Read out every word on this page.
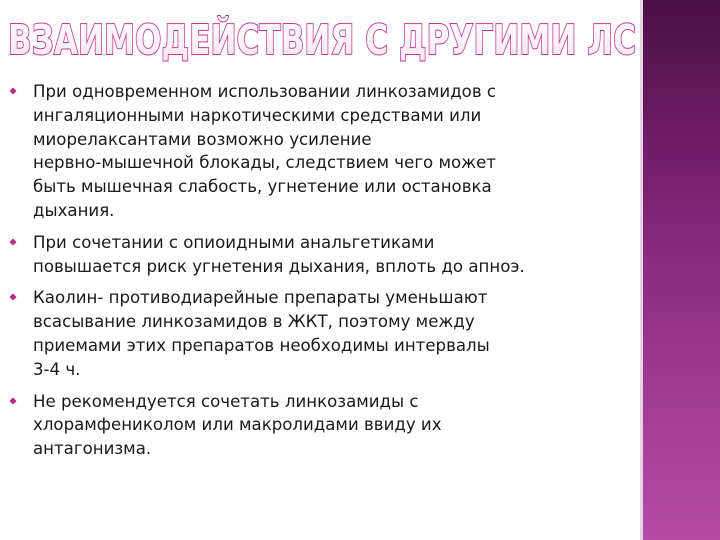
ВЗАИМОДЕЙСТВИЯ С ДРУГИМИ ЛС
При одновременном использовании линкозамидов с
ингаляционными наркотическими средствами или
миорелаксантами возможно усиление
нервно-мышечной блокады, следствием чего может
быть мышечная слабость, угнетение или остановка
дыхания.
При сочетании с опиоидными анальгетиками
повышается риск угнетения дыхания, вплоть до апноэ.
Каолин- противодиарейные препараты уменьшают
всасывание линкозамидов в ЖКТ, поэтому между
приемами этих препаратов необходимы интервалы
3-4 ч.
Не рекомендуется сочетать линкозамиды с
хлорамфениколом или макролидами ввиду их
антагонизма.
